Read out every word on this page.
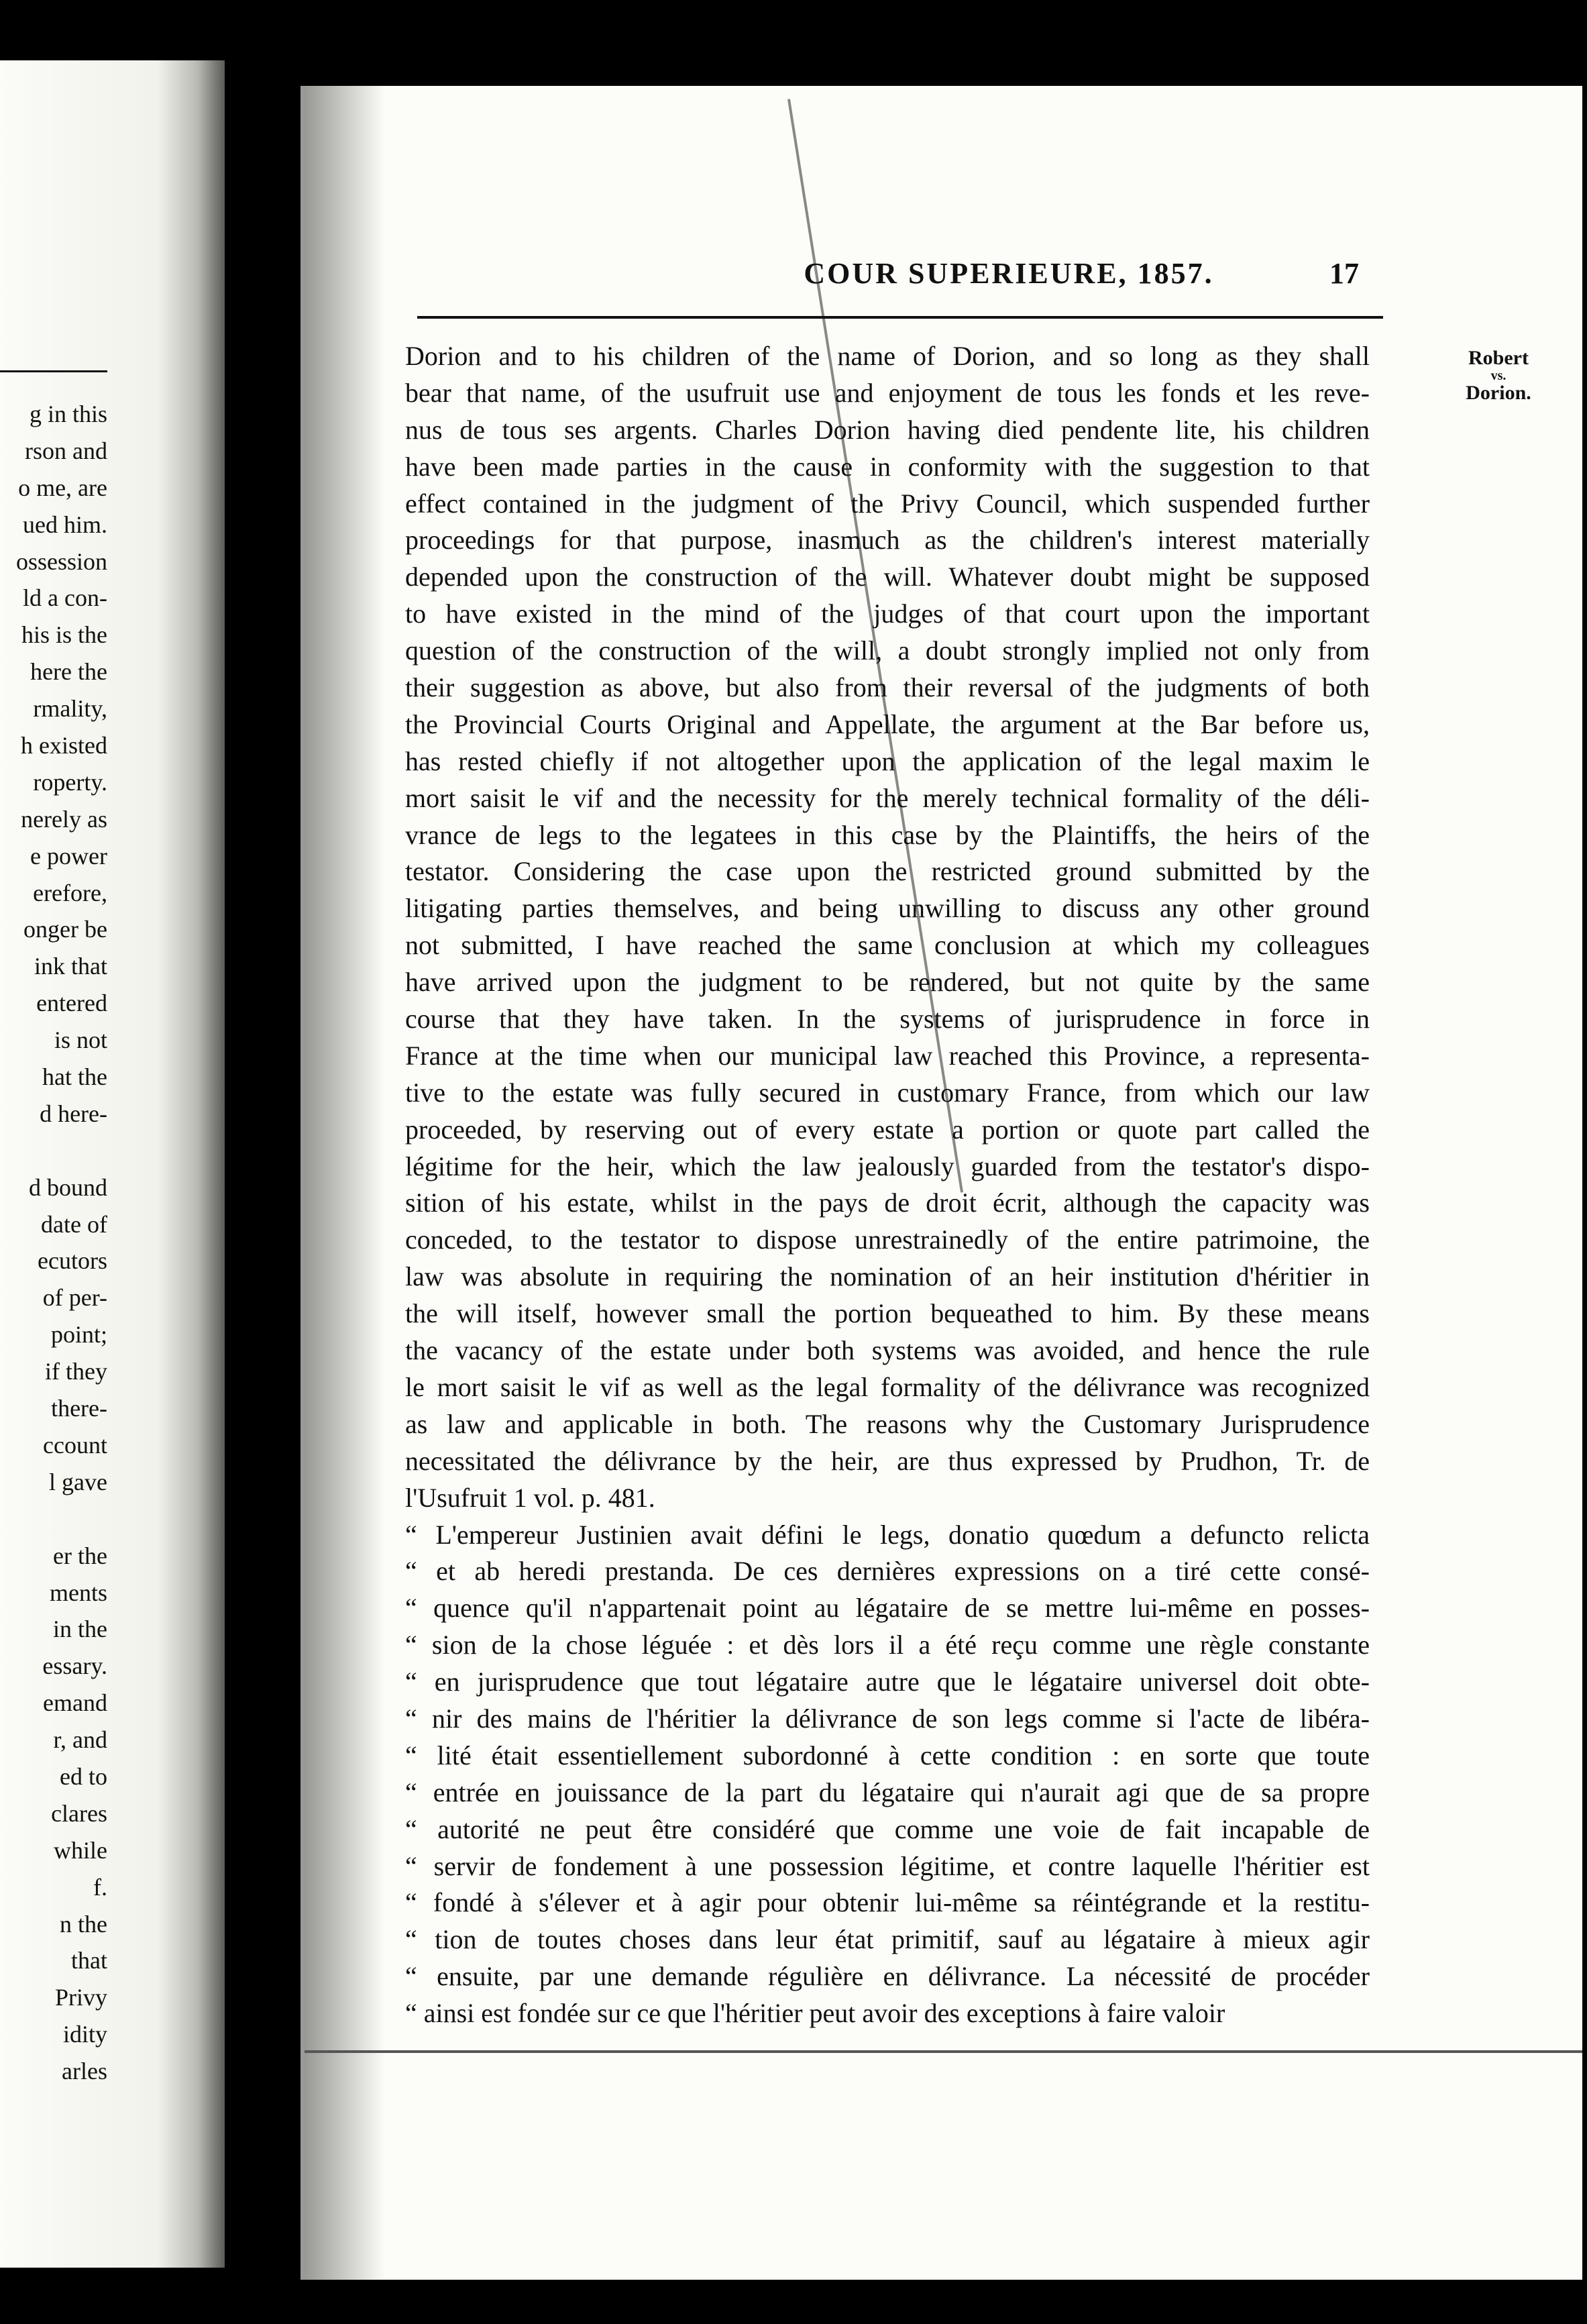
g in this
rson and
o me, are
ued him.
ossession
ld a con-
his is the
here the
rmality,
h existed
roperty.
nerely as
e power
erefore,
onger be
ink that
entered
is not
hat the
d here-
d bound
date of
ecutors
of per-
point;
if they
there-
ccount
l gave
er the
ments
in the
essary.
emand
r, and
ed to
clares
while
f.
n the
that
Privy
idity
arles
COUR SUPERIEURE, 1857.	17
Robert
vs.
Dorion.
Dorion and to his children of the name of Dorion, and so long as they shall
bear that name, of the usufruit use and enjoyment de tous les fonds et les reve-
nus de tous ses argents. Charles Dorion having died pendente lite, his children
have been made parties in the cause in conformity with the suggestion to that
effect contained in the judgment of the Privy Council, which suspended further
proceedings for that purpose, inasmuch as the children's interest materially
depended upon the construction of the will. Whatever doubt might be supposed
to have existed in the mind of the judges of that court upon the important
question of the construction of the will, a doubt strongly implied not only from
their suggestion as above, but also from their reversal of the judgments of both
the Provincial Courts Original and Appellate, the argument at the Bar before us,
has rested chiefly if not altogether upon the application of the legal maxim le
mort saisit le vif and the necessity for the merely technical formality of the déli-
vrance de legs to the legatees in this case by the Plaintiffs, the heirs of the
testator. Considering the case upon the restricted ground submitted by the
litigating parties themselves, and being unwilling to discuss any other ground
not submitted, I have reached the same conclusion at which my colleagues
have arrived upon the judgment to be rendered, but not quite by the same
course that they have taken. In the systems of jurisprudence in force in
France at the time when our municipal law reached this Province, a representa-
tive to the estate was fully secured in customary France, from which our law
proceeded, by reserving out of every estate a portion or quote part called the
légitime for the heir, which the law jealously guarded from the testator's dispo-
sition of his estate, whilst in the pays de droit écrit, although the capacity was
conceded, to the testator to dispose unrestrainedly of the entire patrimoine, the
law was absolute in requiring the nomination of an heir institution d'héritier in
the will itself, however small the portion bequeathed to him. By these means
the vacancy of the estate under both systems was avoided, and hence the rule
le mort saisit le vif as well as the legal formality of the délivrance was recognized
as law and applicable in both. The reasons why the Customary Jurisprudence
necessitated the délivrance by the heir, are thus expressed by Prudhon, Tr. de
l'Usufruit 1 vol. p. 481.
“ L'empereur Justinien avait défini le legs, donatio quœdum a defuncto relicta
“ et ab heredi prestanda. De ces dernières expressions on a tiré cette consé-
“ quence qu'il n'appartenait point au légataire de se mettre lui-même en posses-
“ sion de la chose léguée : et dès lors il a été reçu comme une règle constante
“ en jurisprudence que tout légataire autre que le légataire universel doit obte-
“ nir des mains de l'héritier la délivrance de son legs comme si l'acte de libéra-
“ lité était essentiellement subordonné à cette condition : en sorte que toute
“ entrée en jouissance de la part du légataire qui n'aurait agi que de sa propre
“ autorité ne peut être considéré que comme une voie de fait incapable de
“ servir de fondement à une possession légitime, et contre laquelle l'héritier est
“ fondé à s'élever et à agir pour obtenir lui-même sa réintégrande et la restitu-
“ tion de toutes choses dans leur état primitif, sauf au légataire à mieux agir
“ ensuite, par une demande régulière en délivrance. La nécessité de procéder
“ ainsi est fondée sur ce que l'héritier peut avoir des exceptions à faire valoir
